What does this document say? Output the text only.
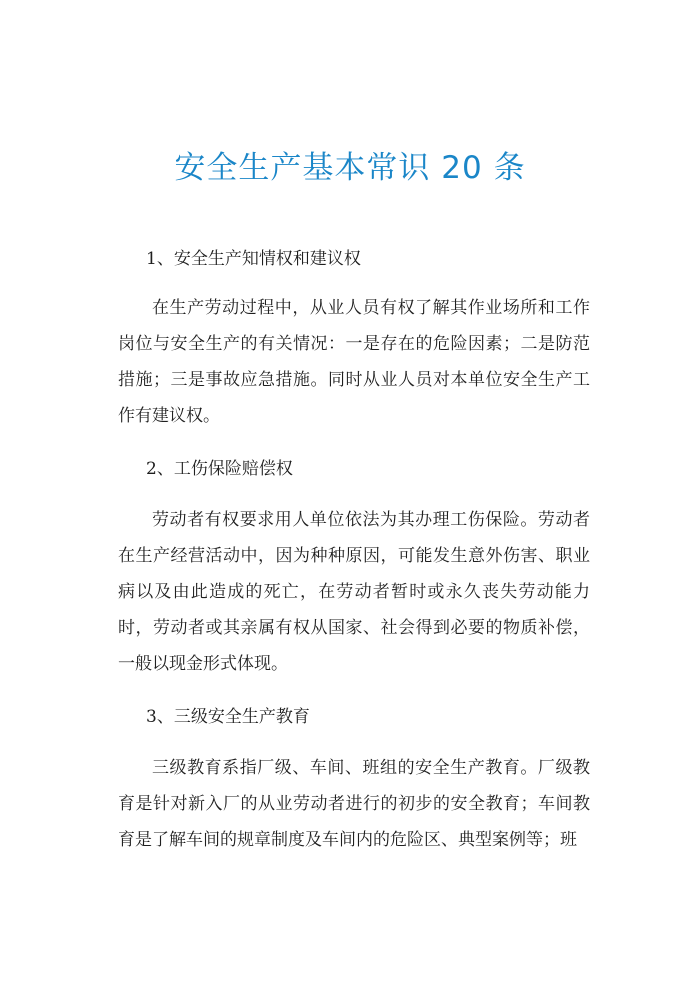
安全生产基本常识 20 条
1、安全生产知情权和建议权
在生产劳动过程中，从业人员有权了解其作业场所和工作岗位与安全生产的有关情况：一是存在的危险因素；二是防范措施；三是事故应急措施。同时从业人员对本单位安全生产工作有建议权。
2、工伤保险赔偿权
劳动者有权要求用人单位依法为其办理工伤保险。劳动者在生产经营活动中，因为种种原因，可能发生意外伤害、职业病以及由此造成的死亡，在劳动者暂时或永久丧失劳动能力时，劳动者或其亲属有权从国家、社会得到必要的物质补偿，一般以现金形式体现。
3、三级安全生产教育
三级教育系指厂级、车间、班组的安全生产教育。厂级教育是针对新入厂的从业劳动者进行的初步的安全教育；车间教育是了解车间的规章制度及车间内的危险区、典型案例等；班
